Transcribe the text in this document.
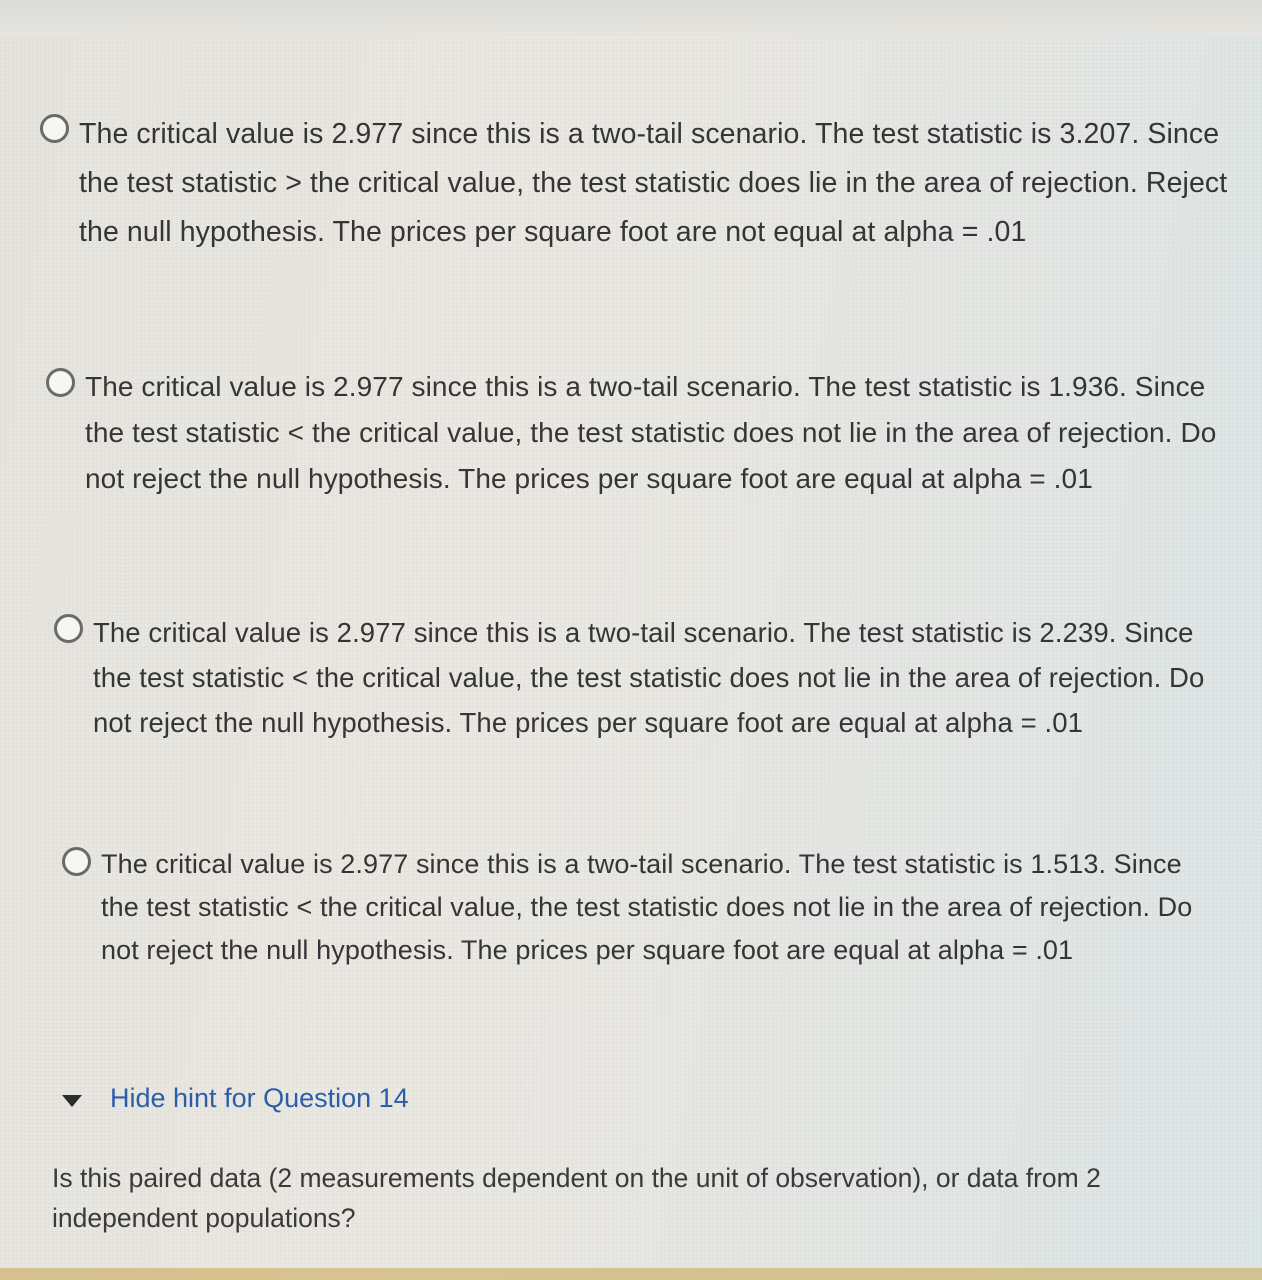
The critical value is 2.977 since this is a two-tail scenario. The test statistic is 3.207. Since the test statistic > the critical value, the test statistic does lie in the area of rejection. Reject the null hypothesis. The prices per square foot are not equal at alpha = .01
The critical value is 2.977 since this is a two-tail scenario. The test statistic is 1.936. Since the test statistic < the critical value, the test statistic does not lie in the area of rejection. Do not reject the null hypothesis. The prices per square foot are equal at alpha = .01
The critical value is 2.977 since this is a two-tail scenario. The test statistic is 2.239. Since the test statistic < the critical value, the test statistic does not lie in the area of rejection. Do not reject the null hypothesis. The prices per square foot are equal at alpha = .01
The critical value is 2.977 since this is a two-tail scenario. The test statistic is 1.513. Since the test statistic < the critical value, the test statistic does not lie in the area of rejection. Do not reject the null hypothesis. The prices per square foot are equal at alpha = .01
Hide hint for Question 14
Is this paired data (2 measurements dependent on the unit of observation), or data from 2 independent populations?
